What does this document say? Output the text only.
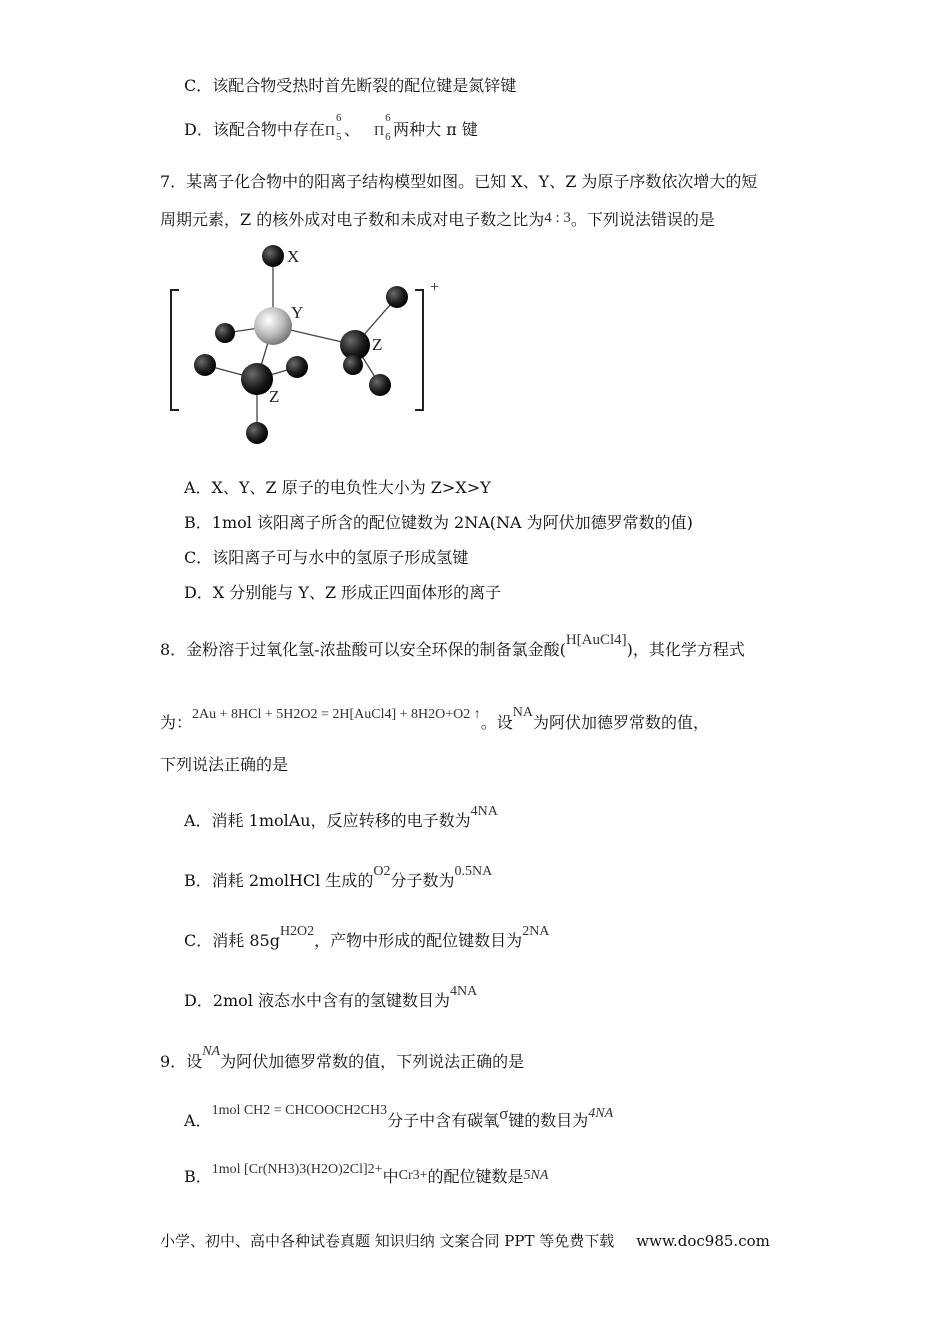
C．该配合物受热时首先断裂的配位键是氮锌键
D．该配合物中存在Π
6
5 、 Π
6
6 两种大 π 键
7．某离子化合物中的阳离子结构模型如图。已知 X、Y、Z 为原子序数依次增大的短
周期元素，Z 的核外成对电子数和未成对电子数之比为4 : 3。下列说法错误的是
+
X
Y
Z
Z
A．X、Y、Z 原子的电负性大小为 Z>X>Y
B．1mol 该阳离子所含的配位键数为 2NA(NA 为阿伏加德罗常数的值)
C．该阳离子可与水中的氢原子形成氢键
D．X 分别能与 Y、Z 形成正四面体形的离子
8．金粉溶于过氧化氢-浓盐酸可以安全环保的制备氯金酸(H[AuCl4])，其化学方程式
为：2Au + 8HCl + 5H2O2 = 2H[AuCl4] + 8H2O+O2 ↑。设NA为阿伏加德罗常数的值，
下列说法正确的是
A．消耗 1molAu，反应转移的电子数为4NA
B．消耗 2molHCl 生成的O2分子数为0.5NA
C．消耗 85gH2O2，产物中形成的配位键数目为2NA
D．2mol 液态水中含有的氢键数目为4NA
9．设NA为阿伏加德罗常数的值，下列说法正确的是
A．1mol CH2 = CHCOOCH2CH3分子中含有碳氧σ键的数目为4NA
B．1mol [Cr(NH3)3(H2O)2Cl]2+中Cr3+的配位键数是5NA
小学、初中、高中各种试卷真题 知识归纳 文案合同 PPT 等免费下载 www.doc985.com
